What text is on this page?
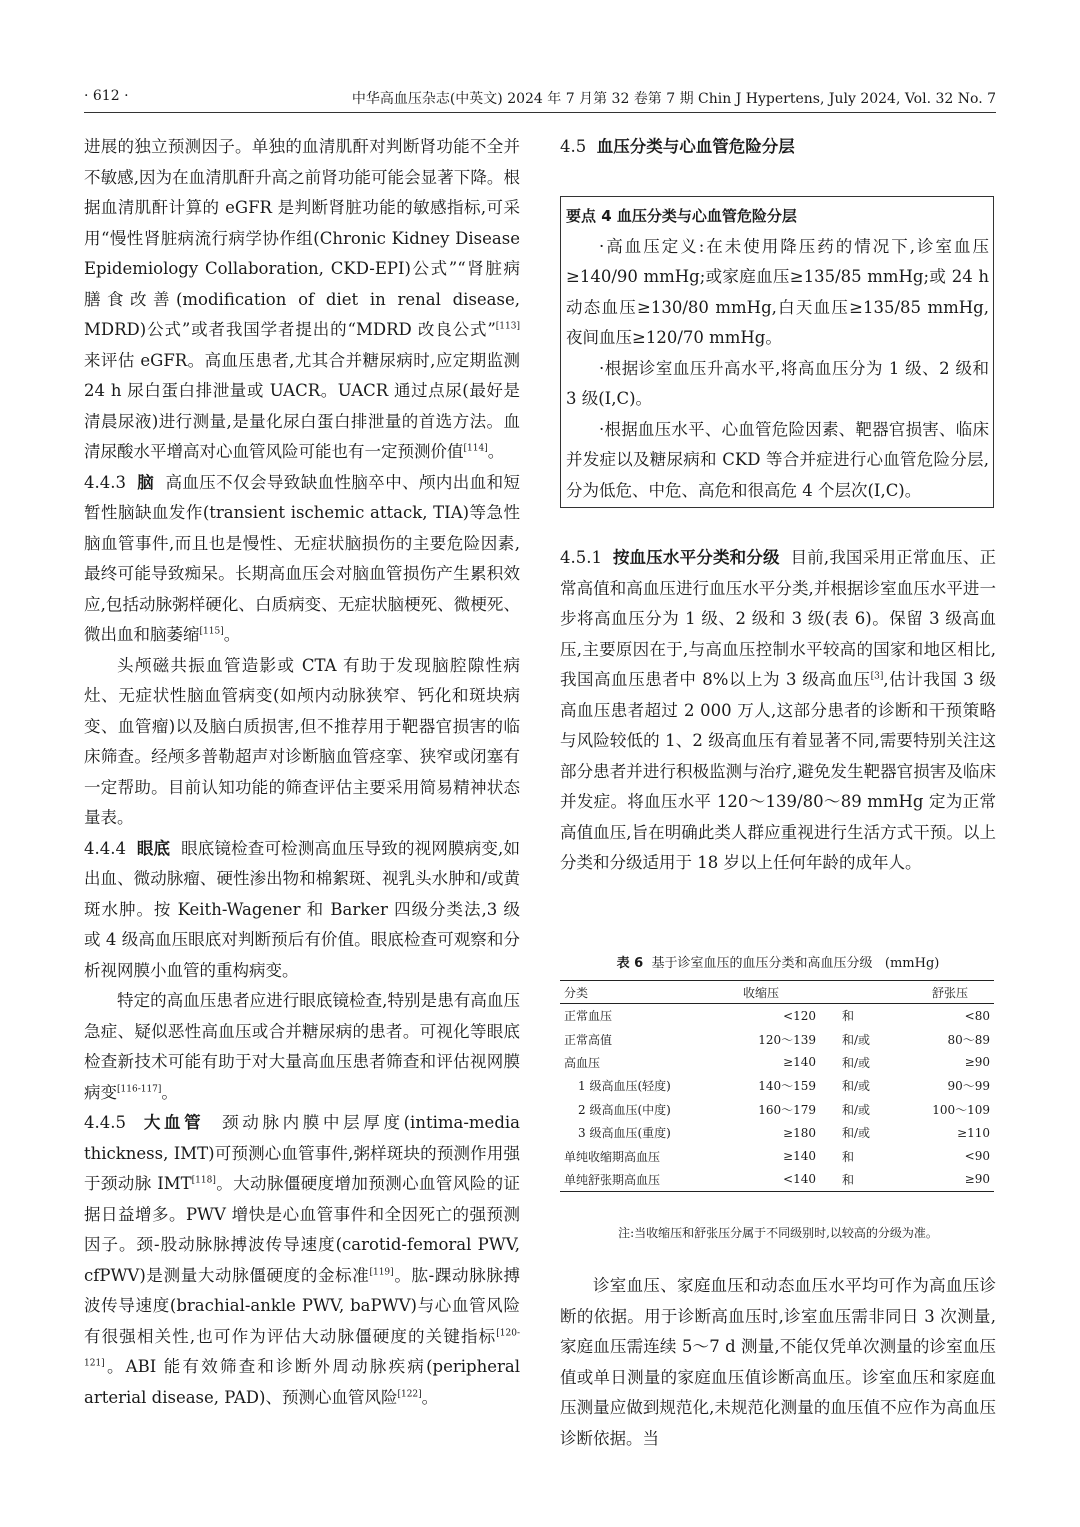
· 612 ·	中华高血压杂志(中英文) 2024 年 7 月第 32 卷第 7 期 Chin J Hypertens, July 2024, Vol. 32 No. 7

进展的独立预测因子。单独的血清肌酐对判断肾功能不全并不敏感,因为在血清肌酐升高之前肾功能可能会显著下降。根据血清肌酐计算的 eGFR 是判断肾脏功能的敏感指标,可采用“慢性肾脏病流行病学协作组(Chronic Kidney Disease Epidemiology Collaboration, CKD-EPI)公式”“肾脏病膳食改善(modification of diet in renal disease, MDRD)公式”或者我国学者提出的“MDRD 改良公式”[113]来评估 eGFR。高血压患者,尤其合并糖尿病时,应定期监测 24 h 尿白蛋白排泄量或 UACR。UACR 通过点尿(最好是清晨尿液)进行测量,是量化尿白蛋白排泄量的首选方法。血清尿酸水平增高对心血管风险可能也有一定预测价值[114]。

4.4.3 脑 高血压不仅会导致缺血性脑卒中、颅内出血和短暂性脑缺血发作(transient ischemic attack, TIA)等急性脑血管事件,而且也是慢性、无症状脑损伤的主要危险因素,最终可能导致痴呆。长期高血压会对脑血管损伤产生累积效应,包括动脉粥样硬化、白质病变、无症状脑梗死、微梗死、微出血和脑萎缩[115]。

头颅磁共振血管造影或 CTA 有助于发现脑腔隙性病灶、无症状性脑血管病变(如颅内动脉狭窄、钙化和斑块病变、血管瘤)以及脑白质损害,但不推荐用于靶器官损害的临床筛查。经颅多普勒超声对诊断脑血管痉挛、狭窄或闭塞有一定帮助。目前认知功能的筛查评估主要采用简易精神状态量表。

4.4.4 眼底 眼底镜检查可检测高血压导致的视网膜病变,如出血、微动脉瘤、硬性渗出物和棉絮斑、视乳头水肿和/或黄斑水肿。按 Keith-Wagener 和 Barker 四级分类法,3 级或 4 级高血压眼底对判断预后有价值。眼底检查可观察和分析视网膜小血管的重构病变。

特定的高血压患者应进行眼底镜检查,特别是患有高血压急症、疑似恶性高血压或合并糖尿病的患者。可视化等眼底检查新技术可能有助于对大量高血压患者筛查和评估视网膜病变[116-117]。

4.4.5 大血管 颈动脉内膜中层厚度(intima-media thickness, IMT)可预测心血管事件,粥样斑块的预测作用强于颈动脉 IMT[118]。大动脉僵硬度增加预测心血管风险的证据日益增多。PWV 增快是心血管事件和全因死亡的强预测因子。颈-股动脉脉搏波传导速度(carotid-femoral PWV, cfPWV)是测量大动脉僵硬度的金标准[119]。肱-踝动脉脉搏波传导速度(brachial-ankle PWV, baPWV)与心血管风险有很强相关性,也可作为评估大动脉僵硬度的关键指标[120-121]。ABI 能有效筛查和诊断外周动脉疾病(peripheral arterial disease, PAD)、预测心血管风险[122]。

4.5 血压分类与心血管危险分层

要点 4 血压分类与心血管危险分层

·高血压定义:在未使用降压药的情况下,诊室血压≥140/90 mmHg;或家庭血压≥135/85 mmHg;或 24 h 动态血压≥130/80 mmHg,白天血压≥135/85 mmHg,夜间血压≥120/70 mmHg。

·根据诊室血压升高水平,将高血压分为 1 级、2 级和 3 级(Ⅰ,C)。

·根据血压水平、心血管危险因素、靶器官损害、临床并发症以及糖尿病和 CKD 等合并症进行心血管危险分层,分为低危、中危、高危和很高危 4 个层次(Ⅰ,C)。

4.5.1 按血压水平分类和分级 目前,我国采用正常血压、正常高值和高血压进行血压水平分类,并根据诊室血压水平进一步将高血压分为 1 级、2 级和 3 级(表 6)。保留 3 级高血压,主要原因在于,与高血压控制水平较高的国家和地区相比,我国高血压患者中 8%以上为 3 级高血压[3],估计我国 3 级高血压患者超过 2 000 万人,这部分患者的诊断和干预策略与风险较低的 1、2 级高血压有着显著不同,需要特别关注这部分患者并进行积极监测与治疗,避免发生靶器官损害及临床并发症。将血压水平 120～139/80～89 mmHg 定为正常高值血压,旨在明确此类人群应重视进行生活方式干预。以上分类和分级适用于 18 岁以上任何年龄的成年人。

表 6 基于诊室血压的血压分类和高血压分级 (mmHg)
分类	收缩压		舒张压
正常血压	<120	和	<80
正常高值	120～139	和/或	80～89
高血压	≥140	和/或	≥90
1 级高血压(轻度)	140～159	和/或	90～99
2 级高血压(中度)	160～179	和/或	100～109
3 级高血压(重度)	≥180	和/或	≥110
单纯收缩期高血压	≥140	和	<90
单纯舒张期高血压	<140	和	≥90
注:当收缩压和舒张压分属于不同级别时,以较高的分级为准。

诊室血压、家庭血压和动态血压水平均可作为高血压诊断的依据。用于诊断高血压时,诊室血压需非同日 3 次测量,家庭血压需连续 5～7 d 测量,不能仅凭单次测量的诊室血压值或单日测量的家庭血压值诊断高血压。诊室血压和家庭血压测量应做到规范化,未规范化测量的血压值不应作为高血压诊断依据。当
